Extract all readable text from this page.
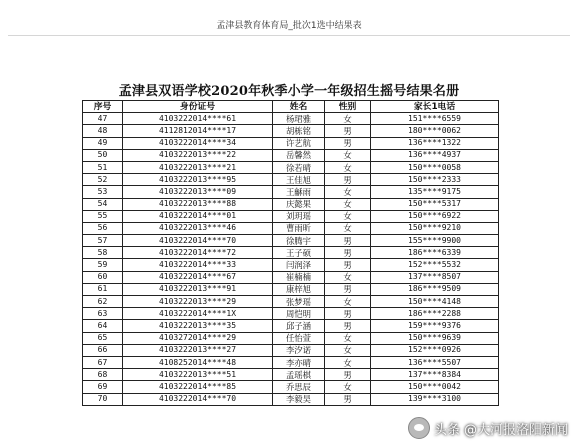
孟津县教育体育局_批次1选中结果表
孟津县双语学校2020年秋季小学一年级招生摇号结果名册
序号	身份证号	姓名	性别	家长1电话
47	4103222014****61	杨珺雅	女	151****6559
48	4112812014****17	胡栋铭	男	180****0062
49	4103222014****34	许艺航	男	136****1322
50	4103222013****22	岳馨然	女	136****4937
51	4103222013****21	徐若晴	女	150****0058
52	4103222013****95	王佳旭	男	150****2333
53	4103222013****09	王龢雨	女	135****9175
54	4103222013****88	庆懿果	女	150****5317
55	4103222014****01	刘玥瑶	女	150****6922
56	4103222013****46	曹雨昕	女	150****9210
57	4103222014****70	徐腾宇	男	155****9900
58	4103222014****72	王子硕	男	186****6339
59	4103222014****33	闫润泽	男	152****5532
60	4103222014****67	崔楠楠	女	137****8507
61	4103222013****91	康梓旭	男	186****9509
62	4103222013****29	张梦瑶	女	150****4148
63	4103222014****1X	周恺明	男	186****2288
64	4103222013****35	邱子涵	男	159****9376
65	4103272014****29	任怡萱	女	150****9639
66	4103222013****27	李汐诺	女	152****0926
67	4108252014****48	李亦晴	女	136****5507
68	4103222013****51	孟瑶棋	男	137****8384
69	4103222014****85	乔思辰	女	150****0042
70	4103222014****70	李毅昊	男	139****3100
头条 @大河报洛阳新闻
